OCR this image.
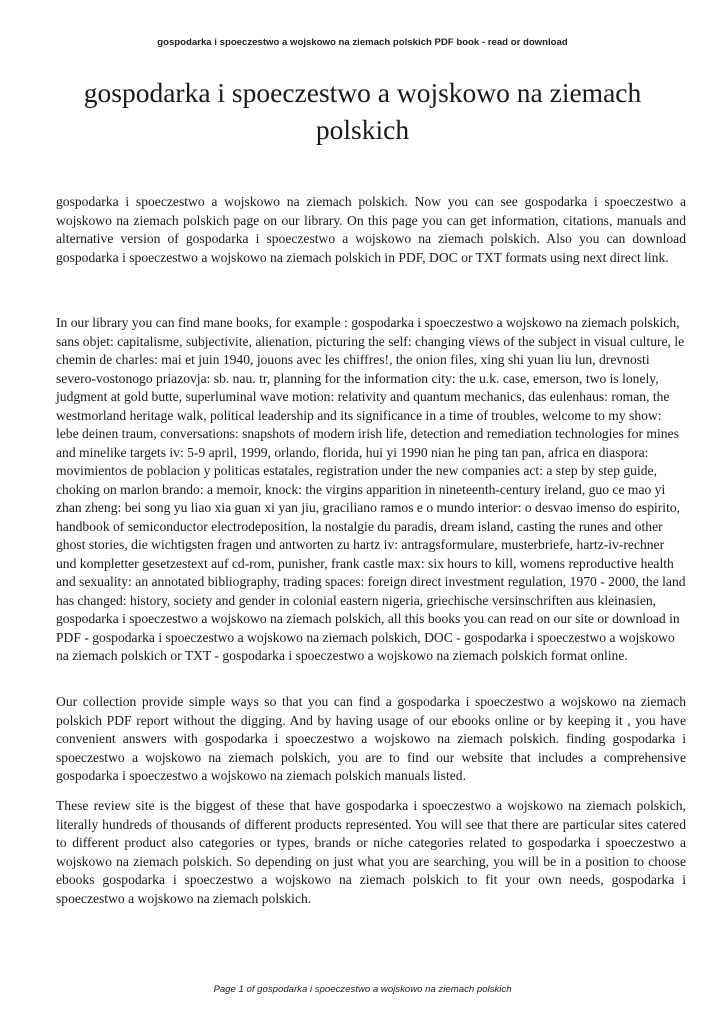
gospodarka i spoeczestwo a wojskowo na ziemach polskich PDF book - read or download
gospodarka i spoeczestwo a wojskowo na ziemach polskich

gospodarka i spoeczestwo a wojskowo na ziemach polskich. Now you can see gospodarka i spoeczestwo a wojskowo na ziemach polskich page on our library. On this page you can get information, citations, manuals and alternative version of gospodarka i spoeczestwo a wojskowo na ziemach polskich. Also you can download gospodarka i spoeczestwo a wojskowo na ziemach polskich in PDF, DOC or TXT formats using next direct link.

In our library you can find mane books, for example : gospodarka i spoeczestwo a wojskowo na ziemach polskich, sans objet: capitalisme, subjectivite, alienation, picturing the self: changing views of the subject in visual culture, le chemin de charles: mai et juin 1940, jouons avec les chiffres!, the onion files, xing shi yuan liu lun, drevnosti severo-vostonogo priazovja: sb. nau. tr, planning for the information city: the u.k. case, emerson, two is lonely, judgment at gold butte, superluminal wave motion: relativity and quantum mechanics, das eulenhaus: roman, the westmorland heritage walk, political leadership and its significance in a time of troubles, welcome to my show: lebe deinen traum, conversations: snapshots of modern irish life, detection and remediation technologies for mines and minelike targets iv: 5-9 april, 1999, orlando, florida, hui yi 1990 nian he ping tan pan, africa en diaspora: movimientos de poblacion y politicas estatales, registration under the new companies act: a step by step guide, choking on marlon brando: a memoir, knock: the virgins apparition in nineteenth-century ireland, guo ce mao yi zhan zheng: bei song yu liao xia guan xi yan jiu, graciliano ramos e o mundo interior: o desvao imenso do espirito, handbook of semiconductor electrodeposition, la nostalgie du paradis, dream island, casting the runes and other ghost stories, die wichtigsten fragen und antworten zu hartz iv: antragsformulare, musterbriefe, hartz-iv-rechner und kompletter gesetzestext auf cd-rom, punisher, frank castle max: six hours to kill, womens reproductive health and sexuality: an annotated bibliography, trading spaces: foreign direct investment regulation, 1970 - 2000, the land has changed: history, society and gender in colonial eastern nigeria, griechische versinschriften aus kleinasien, gospodarka i spoeczestwo a wojskowo na ziemach polskich, all this books you can read on our site or download in PDF - gospodarka i spoeczestwo a wojskowo na ziemach polskich, DOC - gospodarka i spoeczestwo a wojskowo na ziemach polskich or TXT - gospodarka i spoeczestwo a wojskowo na ziemach polskich format online.

Our collection provide simple ways so that you can find a gospodarka i spoeczestwo a wojskowo na ziemach polskich PDF report without the digging. And by having usage of our ebooks online or by keeping it , you have convenient answers with gospodarka i spoeczestwo a wojskowo na ziemach polskich. finding gospodarka i spoeczestwo a wojskowo na ziemach polskich, you are to find our website that includes a comprehensive gospodarka i spoeczestwo a wojskowo na ziemach polskich manuals listed.

These review site is the biggest of these that have gospodarka i spoeczestwo a wojskowo na ziemach polskich, literally hundreds of thousands of different products represented. You will see that there are particular sites catered to different product also categories or types, brands or niche categories related to gospodarka i spoeczestwo a wojskowo na ziemach polskich. So depending on just what you are searching, you will be in a position to choose ebooks gospodarka i spoeczestwo a wojskowo na ziemach polskich to fit your own needs, gospodarka i spoeczestwo a wojskowo na ziemach polskich.

Page 1 of gospodarka i spoeczestwo a wojskowo na ziemach polskich
